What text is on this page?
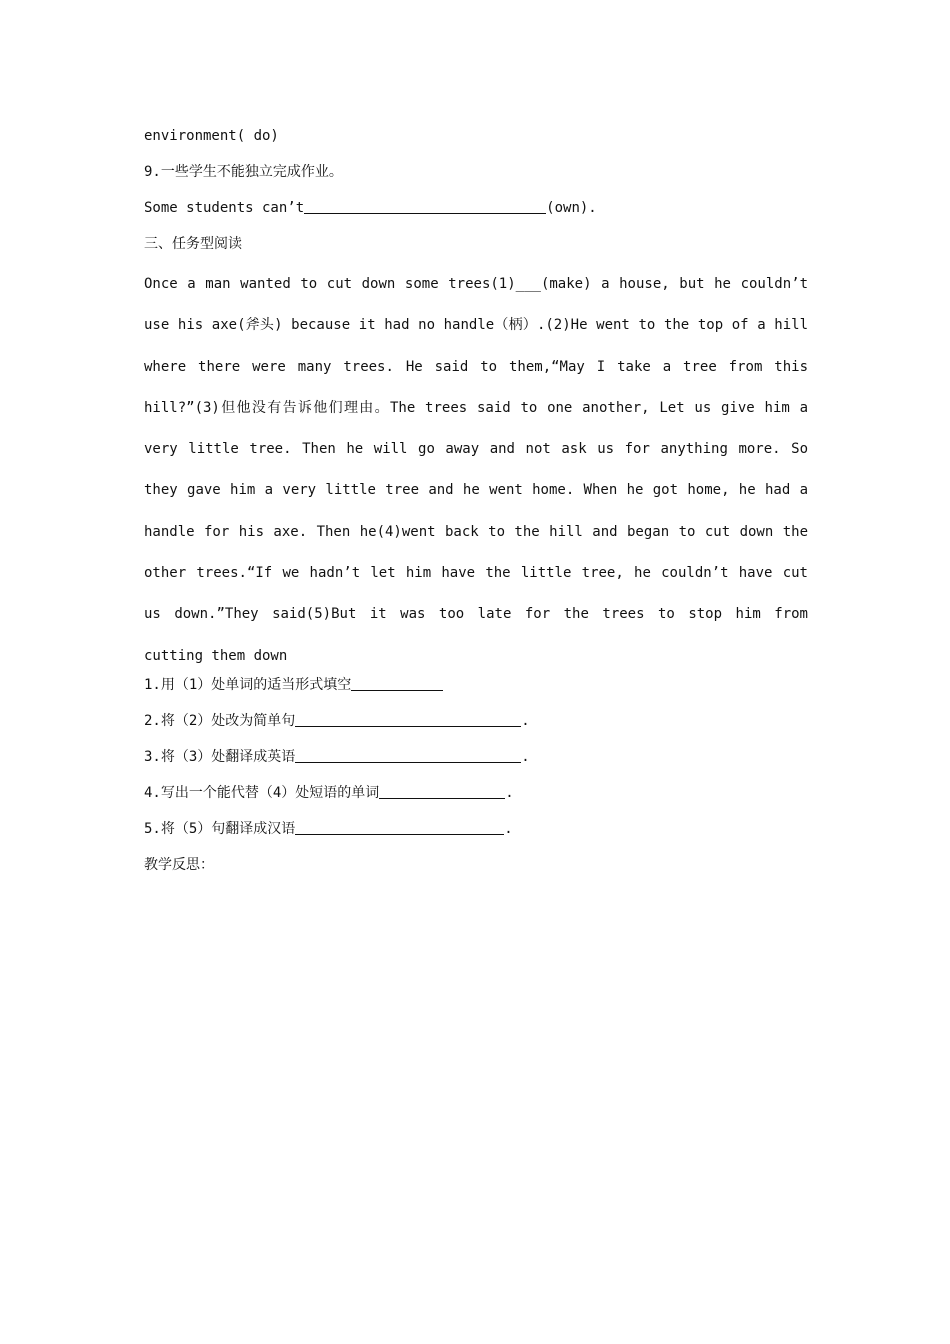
environment( do)
9.一些学生不能独立完成作业。
Some students can’t	(own).
三、任务型阅读
Once a man wanted to cut down some trees(1)___(make) a house, but he couldn’t use his axe(斧头) because it had no handle（柄）.(2)He went to the top of a hill where there were many trees. He said to them,“May I take a tree from this hill?”(3)但他没有告诉他们理由。The trees said to one another, Let us give him a very little tree. Then he will go away and not ask us for anything more. So they gave him a very little tree and he went home. When he got home, he had a handle for his axe. Then he(4)went back to the hill and began to cut down the other trees.“If we hadn’t let him have the little tree, he couldn’t have cut us down.”They said(5)But it was too late for the trees to stop him from cutting them down
1.用（1）处单词的适当形式填空
2.将（2）处改为简单句	.
3.将（3）处翻译成英语	.
4.写出一个能代替（4）处短语的单词	.
5.将（5）句翻译成汉语	.
教学反思：
